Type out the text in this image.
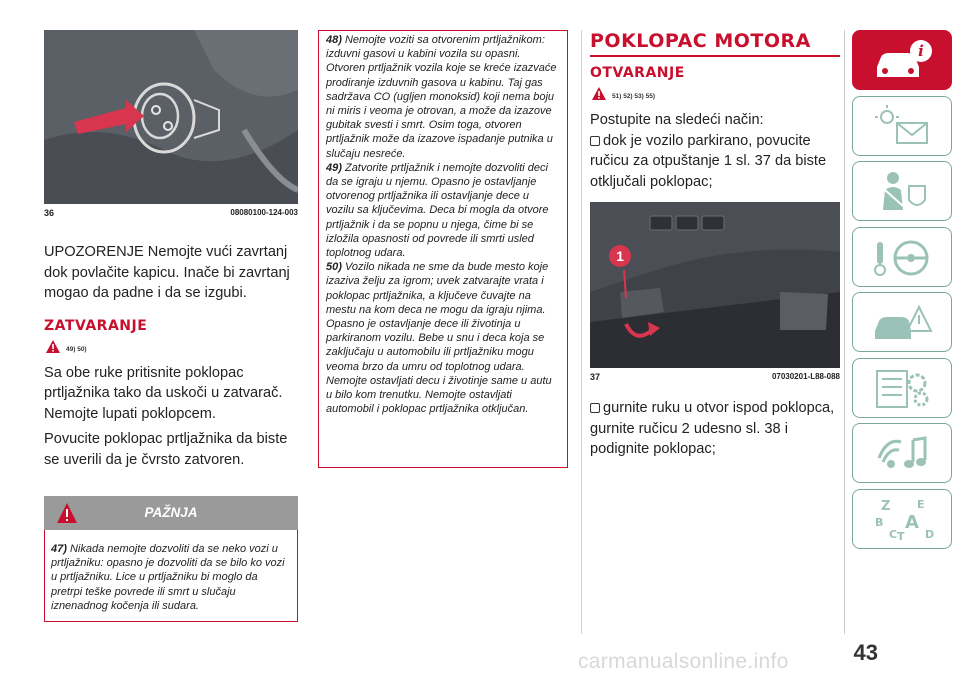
36	08080100-124-003

UPOZORENJE Nemojte vući zavrtanj dok povlačite kapicu. Inače bi zavrtanj mogao da padne i da se izgubi.

ZATVARANJE
49) 50)

Sa obe ruke pritisnite poklopac prtljažnika tako da uskoči u zatvarač. Nemojte lupati poklopcem.

Povucite poklopac prtljažnika da biste se uverili da je čvrsto zatvoren.

PAŽNJA
47) Nikada nemojte dozvoliti da se neko vozi u prtljažniku: opasno je dozvoliti da se bilo ko vozi u prtljažniku. Lice u prtljažniku bi moglo da pretrpi teške povrede ili smrt u slučaju iznenadnog kočenja ili sudara.
48) Nemojte voziti sa otvorenim prtljažnikom: izduvni gasovi u kabini vozila su opasni. Otvoren prtljažnik vozila koje se kreće izazvaće prodiranje izduvnih gasova u kabinu. Taj gas sadržava CO (ugljen monoksid) koji nema boju ni miris i veoma je otrovan, a može da izazove gubitak svesti i smrt. Osim toga, otvoren prtljažnik može da izazove ispadanje putnika u slučaju nesreće.
49) Zatvorite prtljažnik i nemojte dozvoliti deci da se igraju u njemu. Opasno je ostavljanje otvorenog prtljažnika ili ostavljanje dece u vozilu sa ključevima. Deca bi mogla da otvore prtljažnik i da se popnu u njega, čime bi se izložila opasnosti od povrede ili smrti usled toplotnog udara.
50) Vozilo nikada ne sme da bude mesto koje izaziva želju za igrom; uvek zatvarajte vrata i poklopac prtljažnika, a ključeve čuvajte na mestu na kom deca ne mogu da igraju njima. Opasno je ostavljanje dece ili životinja u parkiranom vozilu. Bebe u snu i deca koja se zaključaju u automobilu ili prtljažniku mogu veoma brzo da umru od toplotnog udara. Nemojte ostavljati decu i životinje same u autu u bilo kom trenutku. Nemojte ostavljati automobil i poklopac prtljažnika otključan.
POKLOPAC MOTORA
OTVARANJE
51) 52) 53) 55)

Postupite na sledeći način:

dok je vozilo parkirano, povucite ručicu za otpuštanje 1 sl. 37 da biste otključali poklopac;

1
37	07030201-L88-088

gurnite ruku u otvor ispod poklopca, gurnite ručicu 2 udesno sl. 38 i podignite poklopac;

i
Z E
B A
C T D
43
carmanualsonline.info
